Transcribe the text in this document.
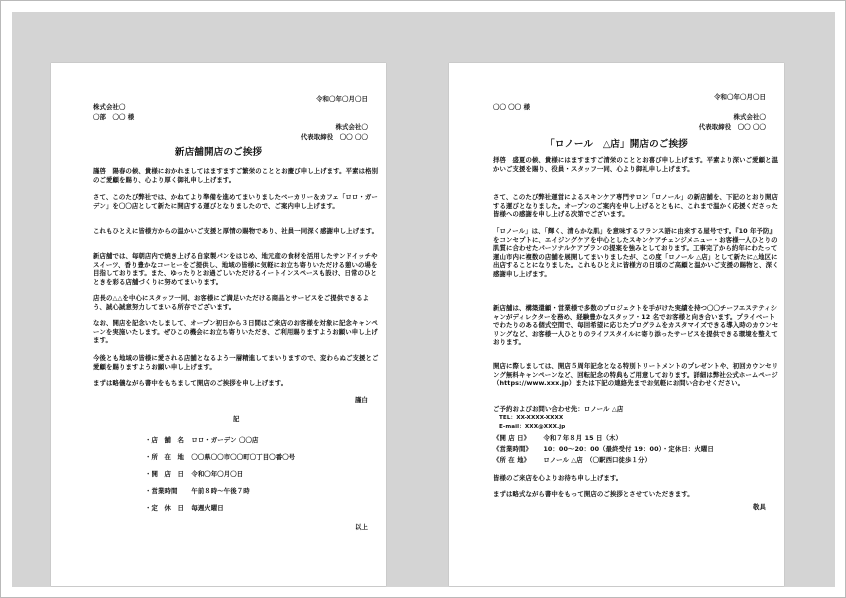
令和〇年〇月〇日
株式会社〇
〇部　〇〇 様
株式会社〇
代表取締役　〇〇 〇〇
新店舗開店のご挨拶

謹啓　陽春の候、貴様におかれましてはますますご繁栄のこととお慶び申し上げます。平素は格別のご愛顧を賜り、心より厚く御礼申し上げます。

さて、このたび弊社では、かねてより準備を進めてまいりましたベーカリー＆カフェ「ロロ・ガーデン」を〇〇店として新たに開店する運びとなりましたので、ご案内申し上げます。

これもひとえに皆様方からの温かいご支援と厚情の賜物であり、社員一同深く感謝申し上げます。

新店舗では、毎朝店内で焼き上げる自家製パンをはじめ、地元産の食材を活用したサンドイッチやスイーツ、香り豊かなコーヒーをご提供し、地域の皆様に気軽にお立ち寄りいただける憩いの場を目指しております。また、ゆったりとお過ごしいただけるイートインスペースも設け、日常のひとときを彩る店舗づくりに努めてまいります。

店長の△△を中心にスタッフ一同、お客様にご満足いただける商品とサービスをご提供できるよう、誠心誠意努力してまいる所存でございます。

なお、開店を記念いたしまして、オープン初日から３日間はご来店のお客様を対象に記念キャンペーンを実施いたします。ぜひこの機会にお立ち寄りいただき、ご利用賜りますようお願い申し上げます。

今後とも地域の皆様に愛される店舗となるよう一層精進してまいりますので、変わらぬご支援とご愛顧を賜りますようお願い申し上げます。

まずは略儀ながら書中をもちまして開店のご挨拶を申し上げます。

謹白
記
・店　舗　名 ロロ・ガーデン 〇〇店
・所　在　地 〇〇県〇〇市〇〇町〇丁目〇番〇号
・開　店　日 令和〇年〇月〇日
・営業時間 午前８時～午後７時
・定　休　日 毎週火曜日
以上
令和〇年〇月〇日
〇〇 〇〇 様
株式会社〇
代表取締役　〇〇 〇〇
「ロノール　△店」開店のご挨拶

拝啓　盛夏の候、貴様にはますますご清栄のこととお喜び申し上げます。平素より深いご愛顧と温かいご支援を賜り、役員・スタッフ一同、心より御礼申し上げます。

さて、このたび弊社運営によるスキンケア専門サロン「ロノール」の新店舗を、下記のとおり開店する運びとなりました。オープンのご案内を申し上げるとともに、これまで温かく応援くださった皆様への感謝を申し上げる次第でございます。

「ロノール」は、「輝く、清らかな肌」を意味するフランス語に由来する屋号です。『10 年予防』をコンセプトに、エイジングケアを中心としたスキンケアチェンジメニュー・お客様一人ひとりの肌質に合わせたパーソナルケアプランの提案を強みとしております。工事完了から約年にわたって運山市内に複数の店舗を展開してまいりましたが、この度「ロノール △店」として新たに△地区に出店することになりました。これもひとえに皆様方の日頃のご高顧と温かいご支援の賜物と、深く感謝申し上げます。

新店舗は、構築還顧・営業様で多数のプロジェクトを手がけた実績を持つ〇〇チーフエステティシャンがディレクターを務め、経験豊かなスタッフ・12 名でお客様と向き合います。プライベートでわたりのある個式空間で、毎回希望に応じたプログラムをカスタマイズできる導入時のカウンセリングなど、お客様一人ひとりのライフスタイルに寄り添ったサービスを提供できる環境を整えております。

開店に際しましては、開店５周年記念となる特別トリートメントのプレゼントや、初回カウンセリング無料キャンペーンなど、回転記念の特典もご用意しております。詳細は弊社公式ホームページ（https://www.xxx.jp）または下記の連絡先までお気軽にお問い合わせください。

ご予約およびお問い合わせ先：ロノール △店
TEL：XX-XXXX-XXXX
E-mail：XXX@XXX.jp
《開 店 日》 令和７年８月 15 日（木）
《営業時間》 10：00～20：00（最終受付 19：00）・定休日：火曜日
《所 在 地》 ロノール △店　（〇駅西口徒歩１分）
皆様のご来店を心よりお待ち申し上げます。
まずは略式ながら書中をもって開店のご挨拶とさせていただきます。
敬具
